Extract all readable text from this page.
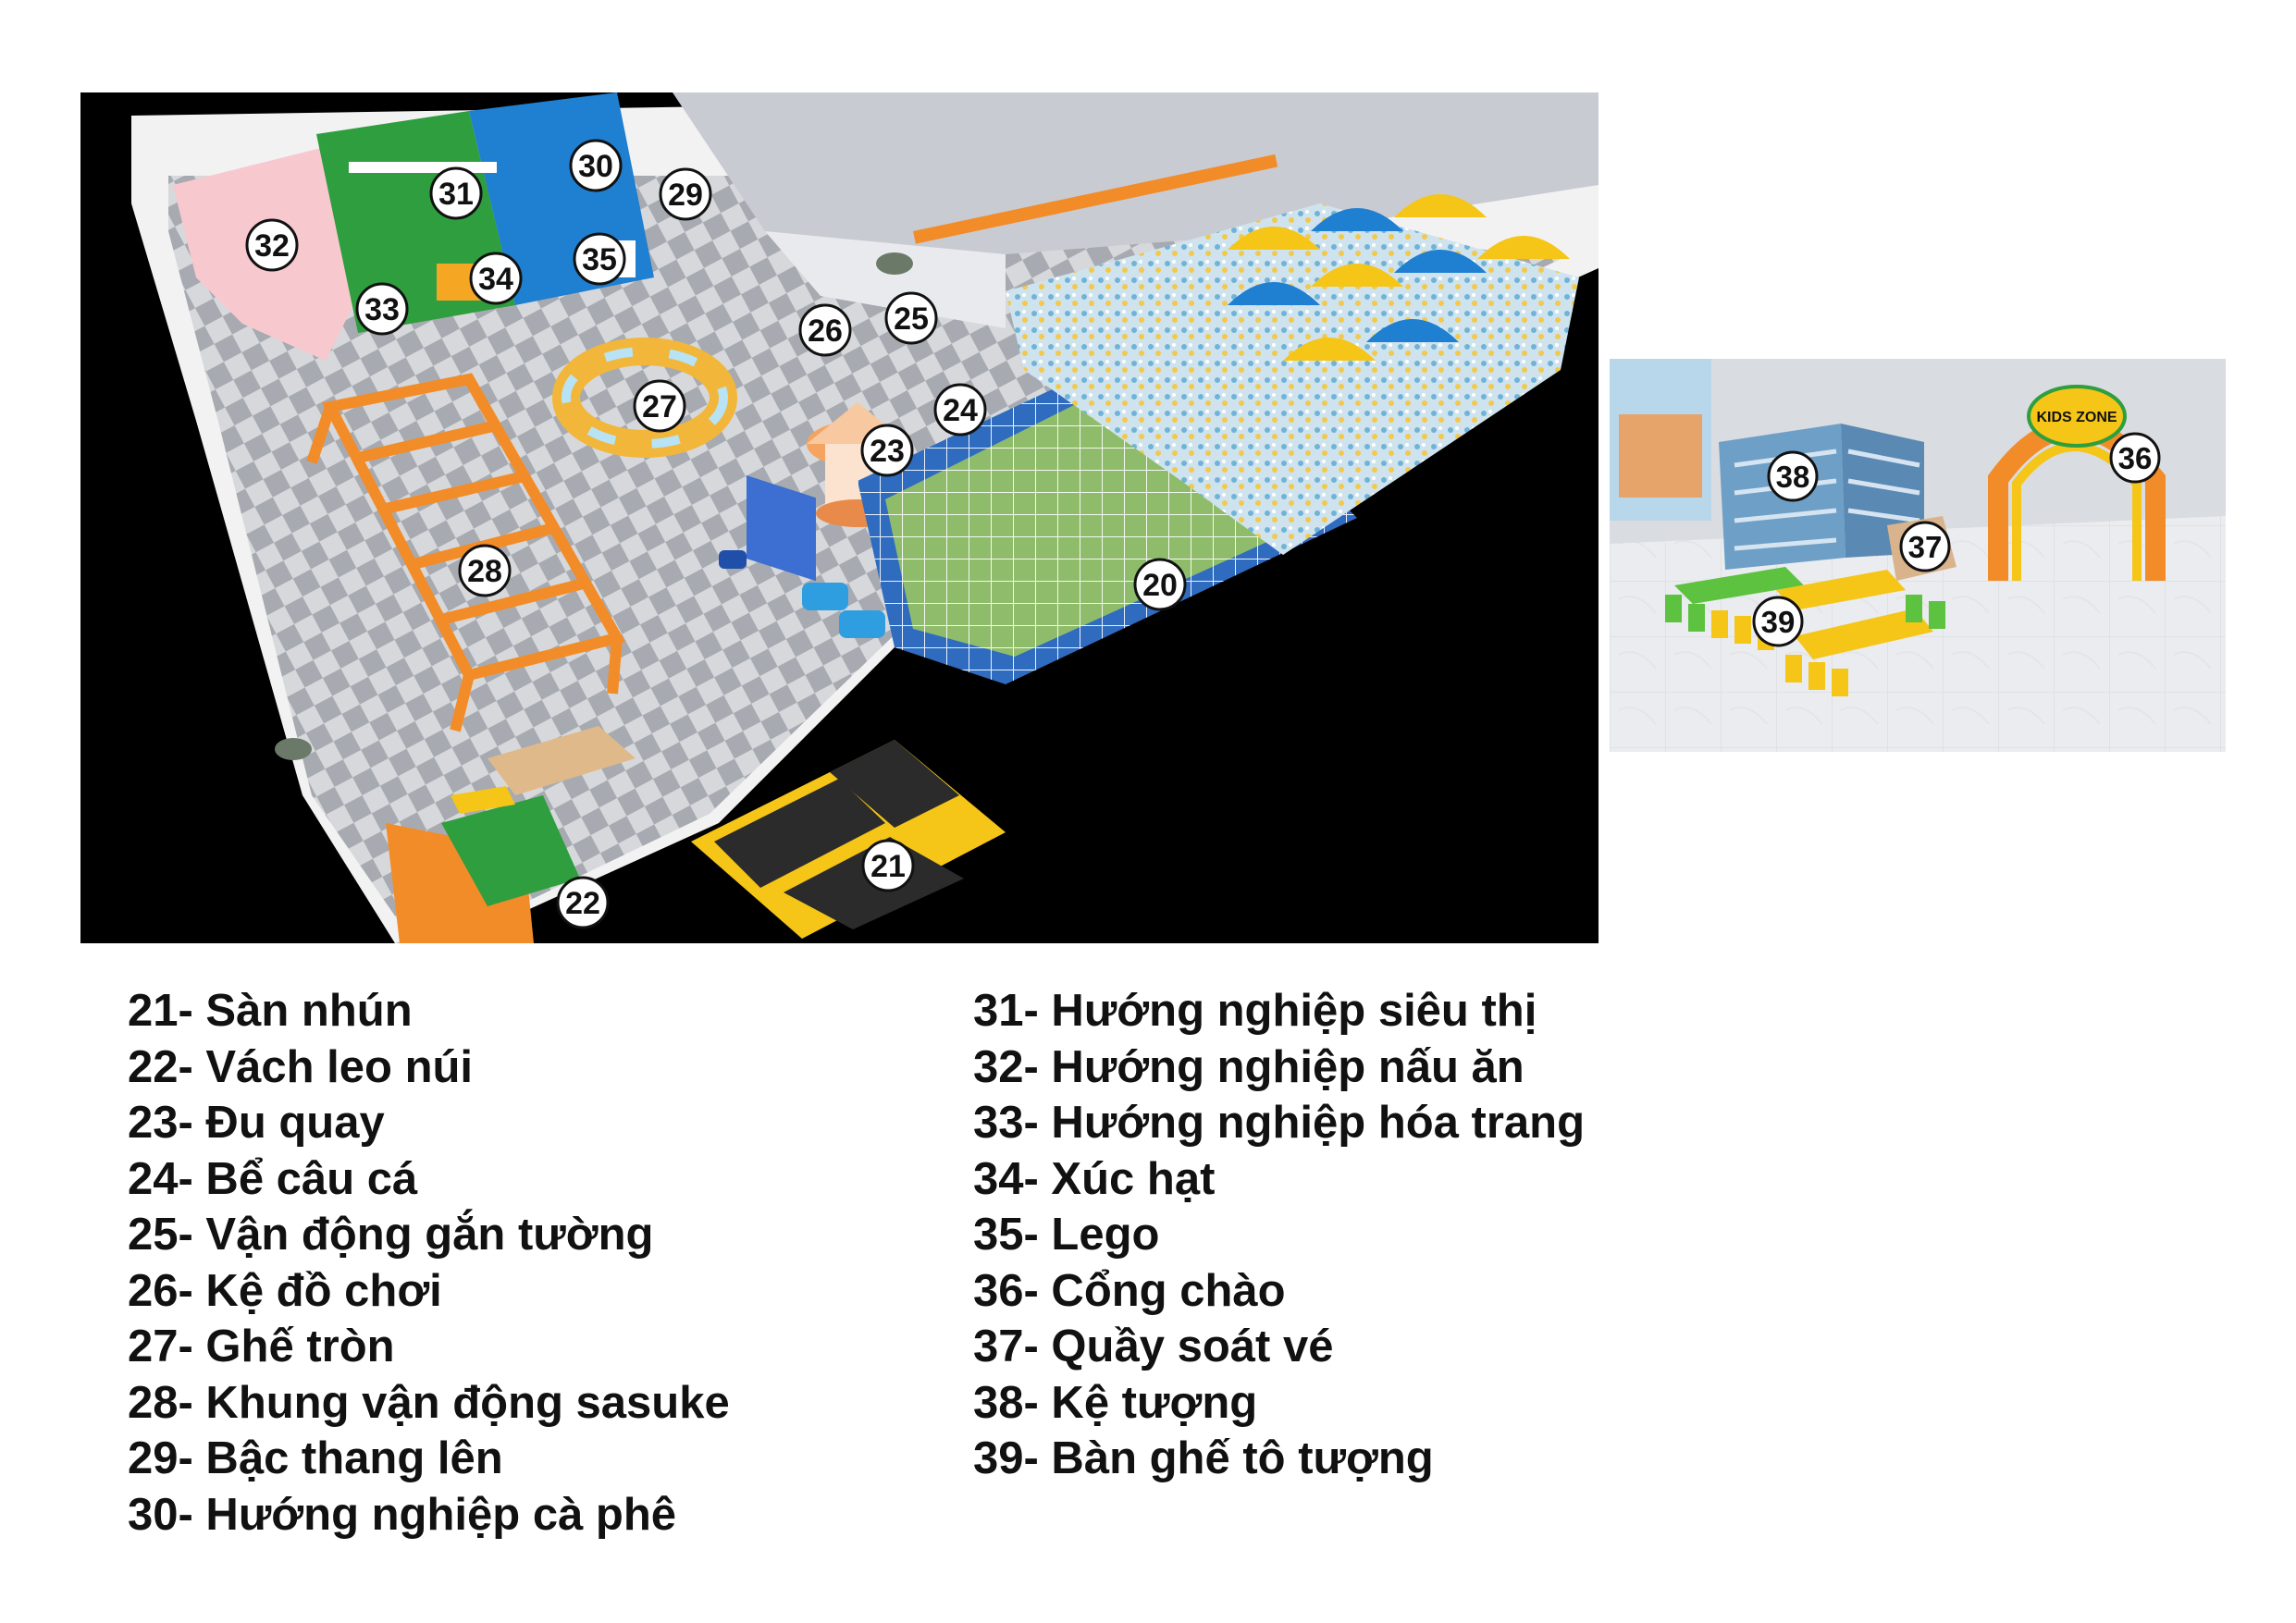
20
21
22
23
24
25
26
27
28
29
30
31
32
33
34
35
KIDS ZONE
36
37
38
39
21- Sàn nhún
22- Vách leo núi
23- Đu quay
24- Bể câu cá
25- Vận động gắn tường
26- Kệ đồ chơi
27- Ghế tròn
28- Khung vận động sasuke
29- Bậc thang lên
30- Hướng nghiệp cà phê
31- Hướng nghiệp siêu thị
32- Hướng nghiệp nấu ăn
33- Hướng nghiệp hóa trang
34- Xúc hạt
35- Lego
36- Cổng chào
37- Quầy soát vé
38- Kệ tượng
39- Bàn ghế tô tượng
